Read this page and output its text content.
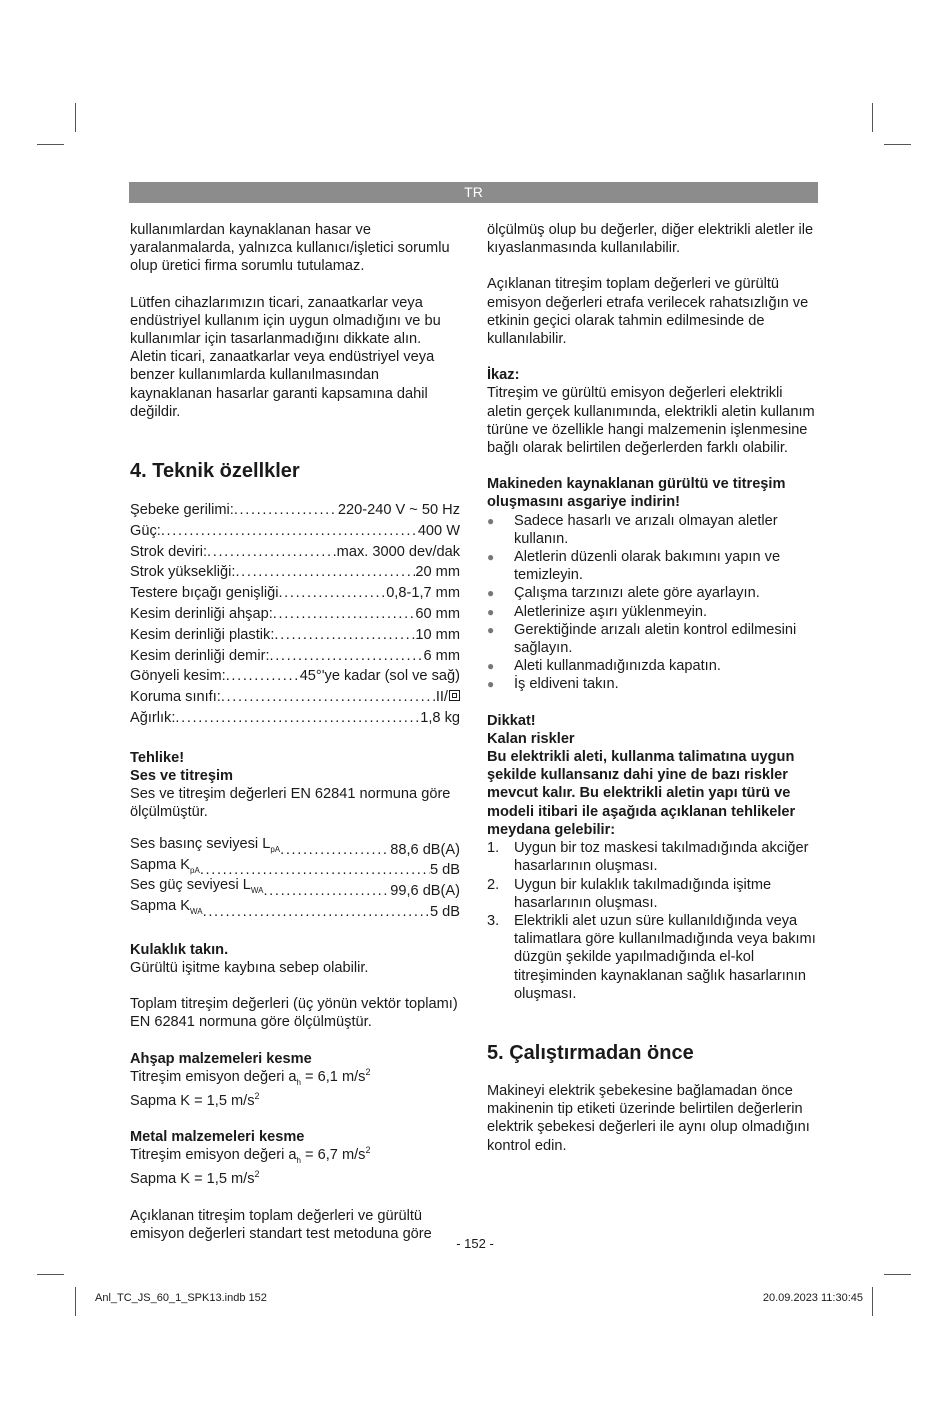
TR

kullanımlardan kaynaklanan hasar ve yaralanmalarda, yalnızca kullanıcı/işletici sorumlu olup üretici firma sorumlu tutulamaz.

Lütfen cihazlarımızın ticari, zanaatkarlar veya endüstriyel kullanım için uygun olmadığını ve bu kullanımlar için tasarlanmadığını dikkate alın. Aletin ticari, zanaatkarlar veya endüstriyel veya benzer kullanımlarda kullanılmasından kaynaklanan hasarlar garanti kapsamına dahil değildir.

4. Teknik özellkler
Şebeke gerilimi: . . .	220-240 V ~ 50 Hz
Güç: . . .	400 W
Strok deviri: . . .	max. 3000 dev/dak
Strok yüksekliği: . . .	20 mm
Testere bıçağı genişliği . . .	0,8-1,7 mm
Kesim derinliği ahşap: . . .	60 mm
Kesim derinliği plastik: . . .	10 mm
Kesim derinliği demir: . . .	6 mm
Gönyeli kesim: . . .	45°'ye kadar (sol ve sağ)
Koruma sınıfı: . . .	II/
Ağırlık: . . .	1,8 kg

Tehlike!

Ses ve titreşim

Ses ve titreşim değerleri EN 62841 normuna göre ölçülmüştür.

Ses basınç seviyesi $L_{pA}$ . . .	88,6 dB(A)
Sapma $K_{pA}$ . . .	5 dB
Ses güç seviyesi $L_{WA}$ . . .	99,6 dB(A)
Sapma $K_{WA}$ . . .	5 dB

Kulaklık takın.

Gürültü işitme kaybına sebep olabilir.

Toplam titreşim değerleri (üç yönün vektör toplamı) EN 62841 normuna göre ölçülmüştür.

Ahşap malzemeleri kesme

Titreşim emisyon değeri $a_h = 6,1$ $m/s^2$

Sapma K = 1,5 $m/s^2$

Metal malzemeleri kesme

Titreşim emisyon değeri $a_h = 6,7$ $m/s^2$

Sapma K = 1,5 $m/s^2$

Açıklanan titreşim toplam değerleri ve gürültü emisyon değerleri standart test metoduna göre

ölçülmüş olup bu değerler, diğer elektrikli aletler ile kıyaslanmasında kullanılabilir.

Açıklanan titreşim toplam değerleri ve gürültü emisyon değerleri etrafa verilecek rahatsızlığın ve etkinin geçici olarak tahmin edilmesinde de kullanılabilir.

İkaz:

Titreşim ve gürültü emisyon değerleri elektrikli aletin gerçek kullanımında, elektrikli aletin kullanım türüne ve özellikle hangi malzemenin işlenmesine bağlı olarak belirtilen değerlerden farklı olabilir.

Makineden kaynaklanan gürültü ve titreşim oluşmasını asgariye indirin!

● Sadece hasarlı ve arızalı olmayan aletler kullanın.
● Aletlerin düzenli olarak bakımını yapın ve temizleyin.
● Çalışma tarzınızı alete göre ayarlayın.
● Aletlerinize aşırı yüklenmeyin.
● Gerektiğinde arızalı aletin kontrol edilmesini sağlayın.
● Aleti kullanmadığınızda kapatın.
● İş eldiveni takın.

Dikkat!

Kalan riskler

Bu elektrikli aleti, kullanma talimatına uygun şekilde kullansanız dahi yine de bazı riskler mevcut kalır. Bu elektrikli aletin yapı türü ve modeli itibari ile aşağıda açıklanan tehlikeler meydana gelebilir:

1. Uygun bir toz maskesi takılmadığında akciğer hasarlarının oluşması.
2. Uygun bir kulaklık takılmadığında işitme hasarlarının oluşması.
3. Elektrikli alet uzun süre kullanıldığında veya talimatlara göre kullanılmadığında veya bakımı düzgün şekilde yapılmadığında el-kol titreşiminden kaynaklanan sağlık hasarlarının oluşması.
5. Çalıştırmadan önce

Makineyi elektrik şebekesine bağlamadan önce makinenin tip etiketi üzerinde belirtilen değerlerin elektrik şebekesi değerleri ile aynı olup olmadığını kontrol edin.

- 152 -
Anl_TC_JS_60_1_SPK13.indb 152	20.09.2023 11:30:45
